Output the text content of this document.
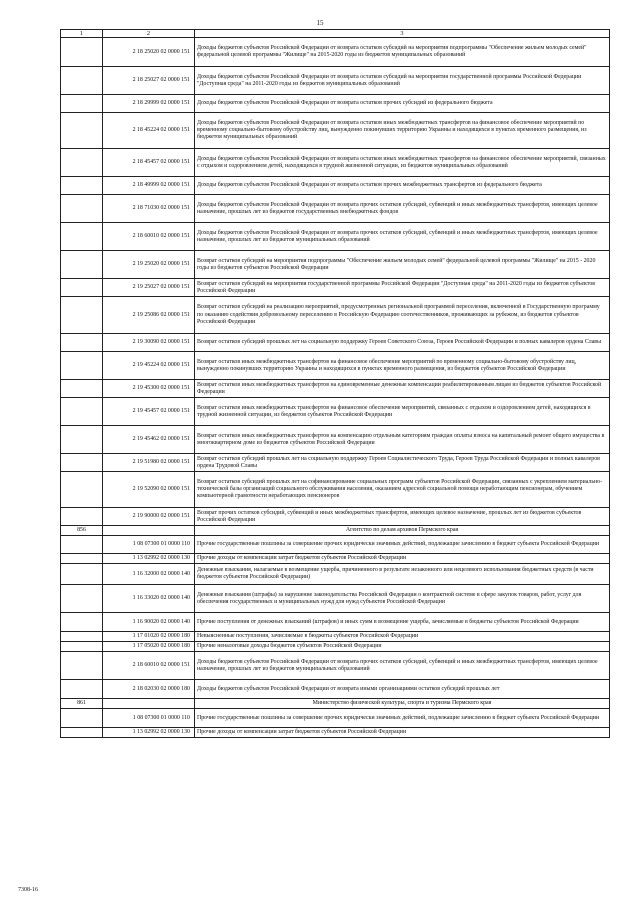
15
1	2	3
	2 18 25020 02 0000 151	Доходы бюджетов субъектов Российской Федерации от возврата остатков субсидий на мероприятия подпрограммы "Обеспечение жильем молодых семей" федеральной целевой программы "Жилище" на 2015-2020 годы из бюджетов муниципальных образований
	2 18 25027 02 0000 151	Доходы бюджетов субъектов Российской Федерации от возврата остатков субсидий на мероприятия государственной программы Российской Федерации "Доступная среда" на 2011-2020 годы из бюджетов муниципальных образований
	2 18 29999 02 0000 151	Доходы бюджетов субъектов Российской Федерации от возврата остатков прочих субсидий из федерального бюджета
	2 18 45224 02 0000 151	Доходы бюджетов субъектов Российской Федерации от возврата остатков иных межбюджетных трансфертов на финансовое обеспечение мероприятий по временному социально-бытовому обустройству лиц, вынужденно покинувших территорию Украины и находящихся в пунктах временного размещения, из бюджетов муниципальных образований
	2 18 45457 02 0000 151	Доходы бюджетов субъектов Российской Федерации от возврата остатков иных межбюджетных трансфертов на финансовое обеспечение мероприятий, связанных с отдыхом и оздоровлением детей, находящихся в трудной жизненной ситуации, из бюджетов муниципальных образований
	2 18 49999 02 0000 151	Доходы бюджетов субъектов Российской Федерации от возврата остатков прочих межбюджетных трансфертов из федерального бюджета
	2 18 71030 02 0000 151	Доходы бюджетов субъектов Российской Федерации от возврата прочих остатков субсидий, субвенций и иных межбюджетных трансфертов, имеющих целевое назначение, прошлых лет из бюджетов государственных внебюджетных фондов
	2 18 60010 02 0000 151	Доходы бюджетов субъектов Российской Федерации от возврата прочих остатков субсидий, субвенций и иных межбюджетных трансфертов, имеющих целевое назначение, прошлых лет из бюджетов муниципальных образований
	2 19 25020 02 0000 151	Возврат остатков субсидий на мероприятия подпрограммы "Обеспечение жильем молодых семей" федеральной целевой программы "Жилище" на 2015 - 2020 годы из бюджетов субъектов Российской Федерации
	2 19 25027 02 0000 151	Возврат остатков субсидий на мероприятия государственной программы Российской Федерации "Доступная среда" на 2011-2020 годы из бюджетов субъектов Российской Федерации
	2 19 25086 02 0000 151	Возврат остатков субсидий на реализацию мероприятий, предусмотренных региональной программой переселения, включенной в Государственную программу по оказанию содействия добровольному переселению в Российскую Федерацию соотечественников, проживающих за рубежом, из бюджетов субъектов Российской Федерации
	2 19 30090 02 0000 151	Возврат остатков субсидий прошлых лет на социальную поддержку Героев Советского Союза, Героев Российской Федерации и полных кавалеров ордена Славы
	2 19 45224 02 0000 151	Возврат остатков иных межбюджетных трансфертов на финансовое обеспечение мероприятий по временному социально-бытовому обустройству лиц, вынужденно покинувших территорию Украины и находящихся в пунктах временного размещения, из бюджетов субъектов Российской Федерации
	2 19 45300 02 0000 151	Возврат остатков иных межбюджетных трансфертов на единовременные денежные компенсации реабилитированным лицам из бюджетов субъектов Российской Федерации
	2 19 45457 02 0000 151	Возврат остатков иных межбюджетных трансфертов на финансовое обеспечение мероприятий, связанных с отдыхом и оздоровлением детей, находящихся в трудной жизненной ситуации, из бюджетов субъектов Российской Федерации
	2 19 45462 02 0000 151	Возврат остатков иных межбюджетных трансфертов на компенсацию отдельным категориям граждан оплаты взноса на капитальный ремонт общего имущества в многоквартирном доме из бюджетов субъектов Российской Федерации
	2 19 51980 02 0000 151	Возврат остатков субсидий прошлых лет на социальную поддержку Героев Социалистического Труда, Героев Труда Российской Федерации и полных кавалеров ордена Трудовой Славы
	2 19 52090 02 0000 151	Возврат остатков субсидий прошлых лет на софинансирование социальных программ субъектов Российской Федерации, связанных с укреплением материально-технической базы организаций социального обслуживания населения, оказанием адресной социальной помощи неработающим пенсионерам, обучением компьютерной грамотности неработающих пенсионеров
	2 19 90000 02 0000 151	Возврат прочих остатков субсидий, субвенций и иных межбюджетных трансфертов, имеющих целевое назначение, прошлых лет из бюджетов субъектов Российской Федерации
856		Агентство по делам архивов Пермского края
	1 08 07300 01 0000 110	Прочие государственные пошлины за совершение прочих юридически значимых действий, подлежащие зачислению в бюджет субъекта Российской Федерации
	1 13 02992 02 0000 130	Прочие доходы от компенсации затрат бюджетов субъектов Российской Федерации
	1 16 32000 02 0000 140	Денежные взыскания, налагаемые в возмещение ущерба, причиненного в результате незаконного или нецелевого использования бюджетных средств (в части бюджетов субъектов Российской Федерации)
	1 16 33020 02 0000 140	Денежные взыскания (штрафы) за нарушение законодательства Российской Федерации о контрактной системе в сфере закупок товаров, работ, услуг для обеспечения государственных и муниципальных нужд для нужд субъектов Российской Федерации
	1 16 90020 02 0000 140	Прочие поступления от денежных взысканий (штрафов) и иных сумм в возмещение ущерба, зачисляемые в бюджеты субъектов Российской Федерации
	1 17 01020 02 0000 180	Невыясненные поступления, зачисляемые в бюджеты субъектов Российской Федерации
	1 17 05020 02 0000 180	Прочие неналоговые доходы бюджетов субъектов Российской Федерации
	2 18 60010 02 0000 151	Доходы бюджетов субъектов Российской Федерации от возврата прочих остатков субсидий, субвенций и иных межбюджетных трансфертов, имеющих целевое назначение, прошлых лет из бюджетов муниципальных образований
	2 18 02030 02 0000 180	Доходы бюджетов субъектов Российской Федерации от возврата иными организациями остатков субсидий прошлых лет
861		Министерство физической культуры, спорта и туризма Пермского края
	1 08 07300 01 0000 110	Прочие государственные пошлины за совершение прочих юридически значимых действий, подлежащие зачислению в бюджет субъекта Российской Федерации
	1 13 02992 02 0000 130	Прочие доходы от компенсации затрат бюджетов субъектов Российской Федерации
7308-16
